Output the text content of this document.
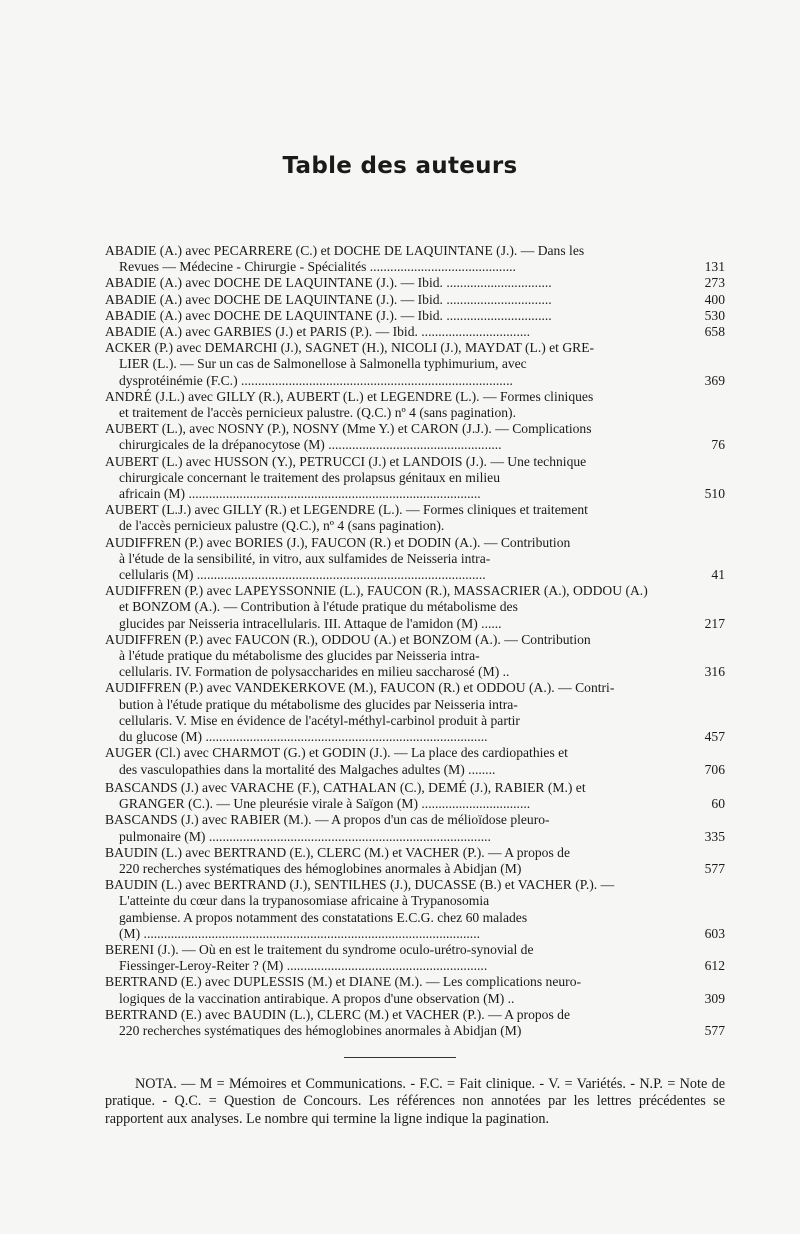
Table des auteurs
ABADIE (A.) avec PECARRERE (C.) et DOCHE DE LAQUINTANE (J.). — Dans les
Revues — Médecine - Chirurgie - Spécialités ...........................................	131
ABADIE (A.) avec DOCHE DE LAQUINTANE (J.). — Ibid. ...............................	273
ABADIE (A.) avec DOCHE DE LAQUINTANE (J.). — Ibid. ...............................	400
ABADIE (A.) avec DOCHE DE LAQUINTANE (J.). — Ibid. ...............................	530
ABADIE (A.) avec GARBIES (J.) et PARIS (P.). — Ibid. ................................	658
ACKER (P.) avec DEMARCHI (J.), SAGNET (H.), NICOLI (J.), MAYDAT (L.) et GRE-
LIER (L.). — Sur un cas de Salmonellose à Salmonella typhimurium, avec
dysprotéinémie (F.C.) ................................................................................	369
ANDRÉ (J.L.) avec GILLY (R.), AUBERT (L.) et LEGENDRE (L.). — Formes cliniques
et traitement de l'accès pernicieux palustre. (Q.C.) nº 4 (sans pagination).
AUBERT (L.), avec NOSNY (P.), NOSNY (Mme Y.) et CARON (J.J.). — Complications
chirurgicales de la drépanocytose (M) ...................................................	76
AUBERT (L.) avec HUSSON (Y.), PETRUCCI (J.) et LANDOIS (J.). — Une technique
chirurgicale concernant le traitement des prolapsus génitaux en milieu
africain (M) ......................................................................................	510
AUBERT (L.J.) avec GILLY (R.) et LEGENDRE (L.). — Formes cliniques et traitement
de l'accès pernicieux palustre (Q.C.), nº 4 (sans pagination).
AUDIFFREN (P.) avec BORIES (J.), FAUCON (R.) et DODIN (A.). — Contribution
à l'étude de la sensibilité, in vitro, aux sulfamides de Neisseria intra-
cellularis (M) .....................................................................................	41
AUDIFFREN (P.) avec LAPEYSSONNIE (L.), FAUCON (R.), MASSACRIER (A.), ODDOU (A.)
et BONZOM (A.). — Contribution à l'étude pratique du métabolisme des
glucides par Neisseria intracellularis. III. Attaque de l'amidon (M) ......	217
AUDIFFREN (P.) avec FAUCON (R.), ODDOU (A.) et BONZOM (A.). — Contribution
à l'étude pratique du métabolisme des glucides par Neisseria intra-
cellularis. IV. Formation de polysaccharides en milieu saccharosé (M) ..	316
AUDIFFREN (P.) avec VANDEKERKOVE (M.), FAUCON (R.) et ODDOU (A.). — Contri-
bution à l'étude pratique du métabolisme des glucides par Neisseria intra-
cellularis. V. Mise en évidence de l'acétyl-méthyl-carbinol produit à partir
du glucose (M) ...................................................................................	457
AUGER (Cl.) avec CHARMOT (G.) et GODIN (J.). — La place des cardiopathies et
des vasculopathies dans la mortalité des Malgaches adultes (M) ........	706
BASCANDS (J.) avec VARACHE (F.), CATHALAN (C.), DEMÉ (J.), RABIER (M.) et
GRANGER (C.). — Une pleurésie virale à Saïgon (M) ................................	60
BASCANDS (J.) avec RABIER (M.). — A propos d'un cas de mélioïdose pleuro-
pulmonaire (M) ...................................................................................	335
BAUDIN (L.) avec BERTRAND (E.), CLERC (M.) et VACHER (P.). — A propos de
220 recherches systématiques des hémoglobines anormales à Abidjan (M)	577
BAUDIN (L.) avec BERTRAND (J.), SENTILHES (J.), DUCASSE (B.) et VACHER (P.). —
L'atteinte du cœur dans la trypanosomiase africaine à Trypanosomia
gambiense. A propos notamment des constatations E.C.G. chez 60 malades
(M) ...................................................................................................	603
BERENI (J.). — Où en est le traitement du syndrome oculo-urétro-synovial de
Fiessinger-Leroy-Reiter ? (M) ...........................................................	612
BERTRAND (E.) avec DUPLESSIS (M.) et DIANE (M.). — Les complications neuro-
logiques de la vaccination antirabique. A propos d'une observation (M) ..	309
BERTRAND (E.) avec BAUDIN (L.), CLERC (M.) et VACHER (P.). — A propos de
220 recherches systématiques des hémoglobines anormales à Abidjan (M)	577
NOTA. — M = Mémoires et Communications. - F.C. = Fait clinique. - V. = Variétés. - N.P. = Note de pratique. - Q.C. = Question de Concours. Les références non annotées par les lettres précédentes se rapportent aux analyses. Le nombre qui termine la ligne indique la pagination.
